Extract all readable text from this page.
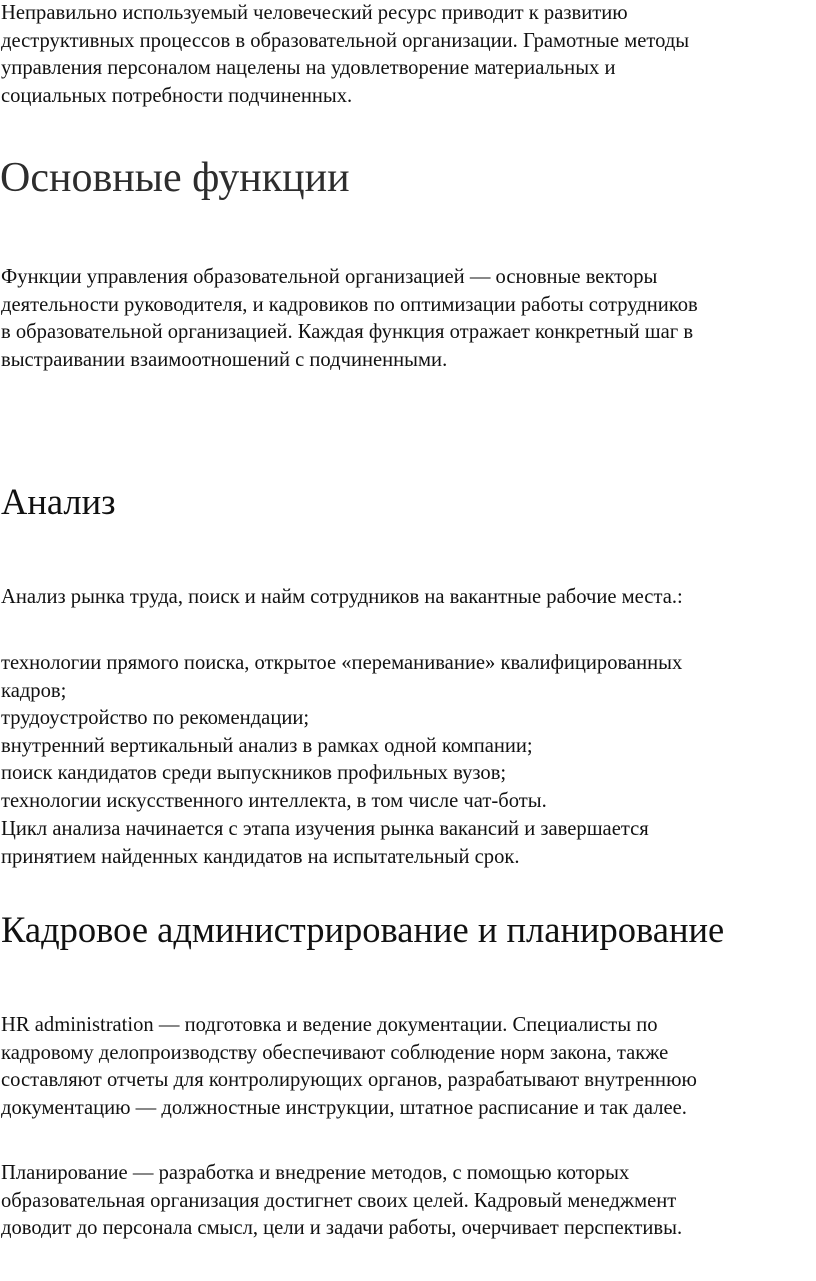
Неправильно используемый человеческий ресурс приводит к развитию
деструктивных процессов в образовательной организации. Грамотные методы
управления персоналом нацелены на удовлетворение материальных и
социальных потребности подчиненных.

Основные функции

Функции управления образовательной организацией — основные векторы
деятельности руководителя, и кадровиков по оптимизации работы сотрудников
в образовательной организацией. Каждая функция отражает конкретный шаг в
выстраивании взаимоотношений с подчиненными.

Анализ

Анализ рынка труда, поиск и найм сотрудников на вакантные рабочие места.:

технологии прямого поиска, открытое «переманивание» квалифицированных
кадров;
трудоустройство по рекомендации;
внутренний вертикальный анализ в рамках одной компании;
поиск кандидатов среди выпускников профильных вузов;
технологии искусственного интеллекта, в том числе чат-боты.

Цикл анализа начинается с этапа изучения рынка вакансий и завершается
принятием найденных кандидатов на испытательный срок.

Кадровое администрирование и планирование

HR administration — подготовка и ведение документации. Специалисты по
кадровому делопроизводству обеспечивают соблюдение норм закона, также
составляют отчеты для контролирующих органов, разрабатывают внутреннюю
документацию — должностные инструкции, штатное расписание и так далее.

Планирование — разработка и внедрение методов, с помощью которых
образовательная организация достигнет своих целей. Кадровый менеджмент
доводит до персонала смысл, цели и задачи работы, очерчивает перспективы.
